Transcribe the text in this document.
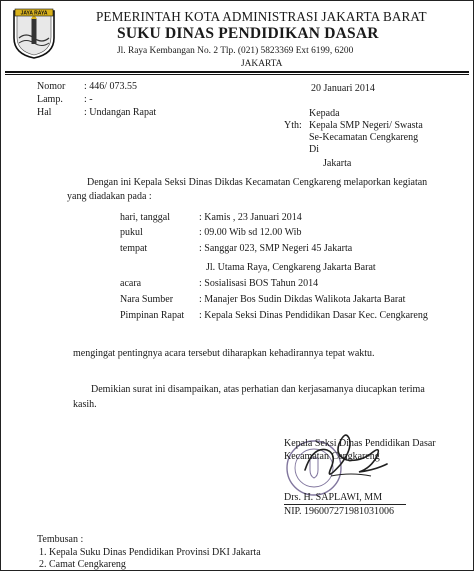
JAYA RAYA	PEMERINTAH KOTA ADMINISTRASI JAKARTA BARAT
SUKU DINAS PENDIDIKAN DASAR
Jl. Raya Kembangan No. 2 Tlp. (021) 5823369 Ext 6199, 6200
JAKARTA
20 Januari 2014
Nomor : 446/ 073.55
Lamp. : -
Hal	: Undangan Rapat	Kepada
Yth: Kepala SMP Negeri/ Swasta
Se-Kecamatan Cengkareng
Di
Jakarta
Dengan ini Kepala Seksi Dinas Dikdas Kecamatan Cengkareng melaporkan kegiatan
yang diadakan pada :
hari, tanggal	: Kamis , 23 Januari 2014
pukul	: 09.00 Wib sd 12.00 Wib
tempat	: Sanggar 023, SMP Negeri 45 Jakarta
Jl. Utama Raya, Cengkareng Jakarta Barat
acara	: Sosialisasi BOS Tahun 2014
Nara Sumber	: Manajer Bos Sudin Dikdas Walikota Jakarta Barat
Pimpinan Rapat : Kepala Seksi Dinas Pendidikan Dasar Kec. Cengkareng
mengingat pentingnya acara tersebut diharapkan kehadirannya tepat waktu.
Demikian surat ini disampaikan, atas perhatian dan kerjasamanya diucapkan terima
kasih.
Kepala Seksi Dinas Pendidikan Dasar
Kecamatan Cengkareng
Drs. H. SAPLAWI, MM
NIP. 196007271981031006
Tembusan :
1. Kepala Suku Dinas Pendidikan Provinsi DKI Jakarta
2. Camat Cengkareng
